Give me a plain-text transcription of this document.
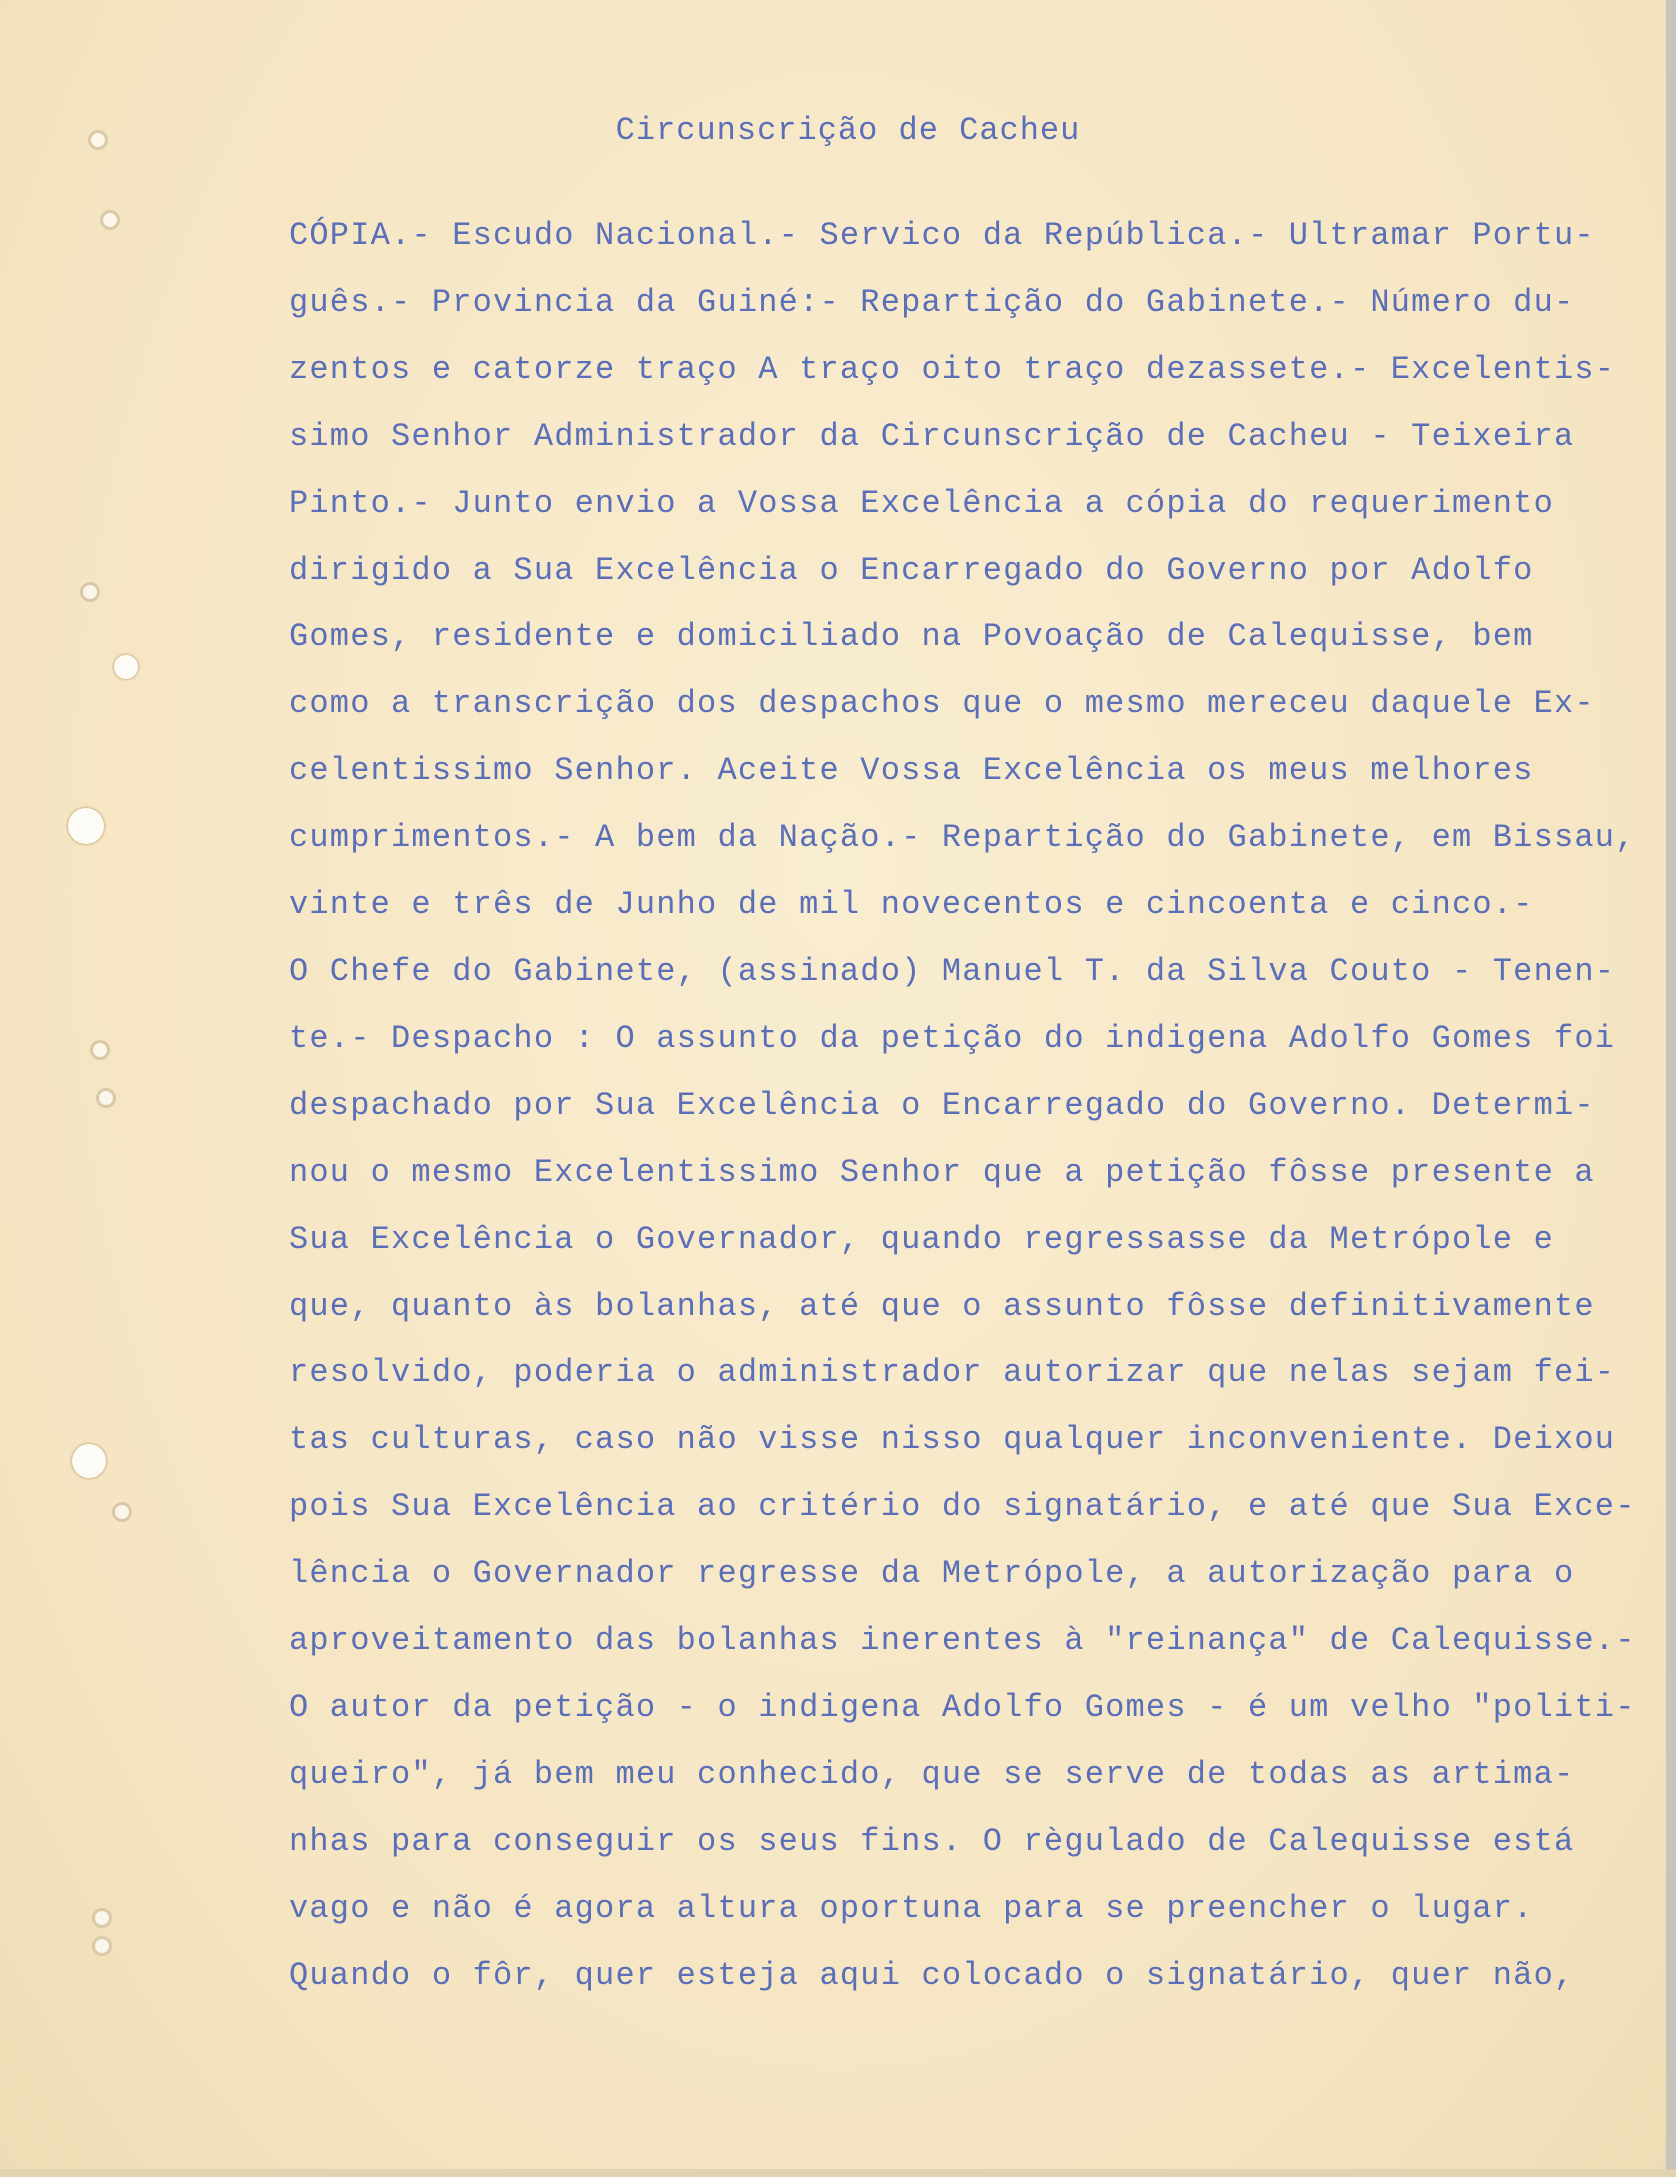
Circunscrição de Cacheu
CÓPIA.- Escudo Nacional.- Servico da República.- Ultramar Portu-
guês.- Provincia da Guiné:- Repartição do Gabinete.- Número du-
zentos e catorze traço A traço oito traço dezassete.- Excelentis-
simo Senhor Administrador da Circunscrição de Cacheu - Teixeira
Pinto.- Junto envio a Vossa Excelência a cópia do requerimento
dirigido a Sua Excelência o Encarregado do Governo por Adolfo
Gomes, residente e domiciliado na Povoação de Calequisse, bem
como a transcrição dos despachos que o mesmo mereceu daquele Ex-
celentissimo Senhor. Aceite Vossa Excelência os meus melhores
cumprimentos.- A bem da Nação.- Repartição do Gabinete, em Bissau,
vinte e três de Junho de mil novecentos e cincoenta e cinco.-
O Chefe do Gabinete, (assinado) Manuel T. da Silva Couto - Tenen-
te.- Despacho : O assunto da petição do indigena Adolfo Gomes foi
despachado por Sua Excelência o Encarregado do Governo. Determi-
nou o mesmo Excelentissimo Senhor que a petição fôsse presente a
Sua Excelência o Governador, quando regressasse da Metrópole e
que, quanto às bolanhas, até que o assunto fôsse definitivamente
resolvido, poderia o administrador autorizar que nelas sejam fei-
tas culturas, caso não visse nisso qualquer inconveniente. Deixou
pois Sua Excelência ao critério do signatário, e até que Sua Exce-
lência o Governador regresse da Metrópole, a autorização para o
aproveitamento das bolanhas inerentes à "reinança" de Calequisse.-
O autor da petição - o indigena Adolfo Gomes - é um velho "politi-
queiro", já bem meu conhecido, que se serve de todas as artima-
nhas para conseguir os seus fins. O règulado de Calequisse está
vago e não é agora altura oportuna para se preencher o lugar.
Quando o fôr, quer esteja aqui colocado o signatário, quer não,
